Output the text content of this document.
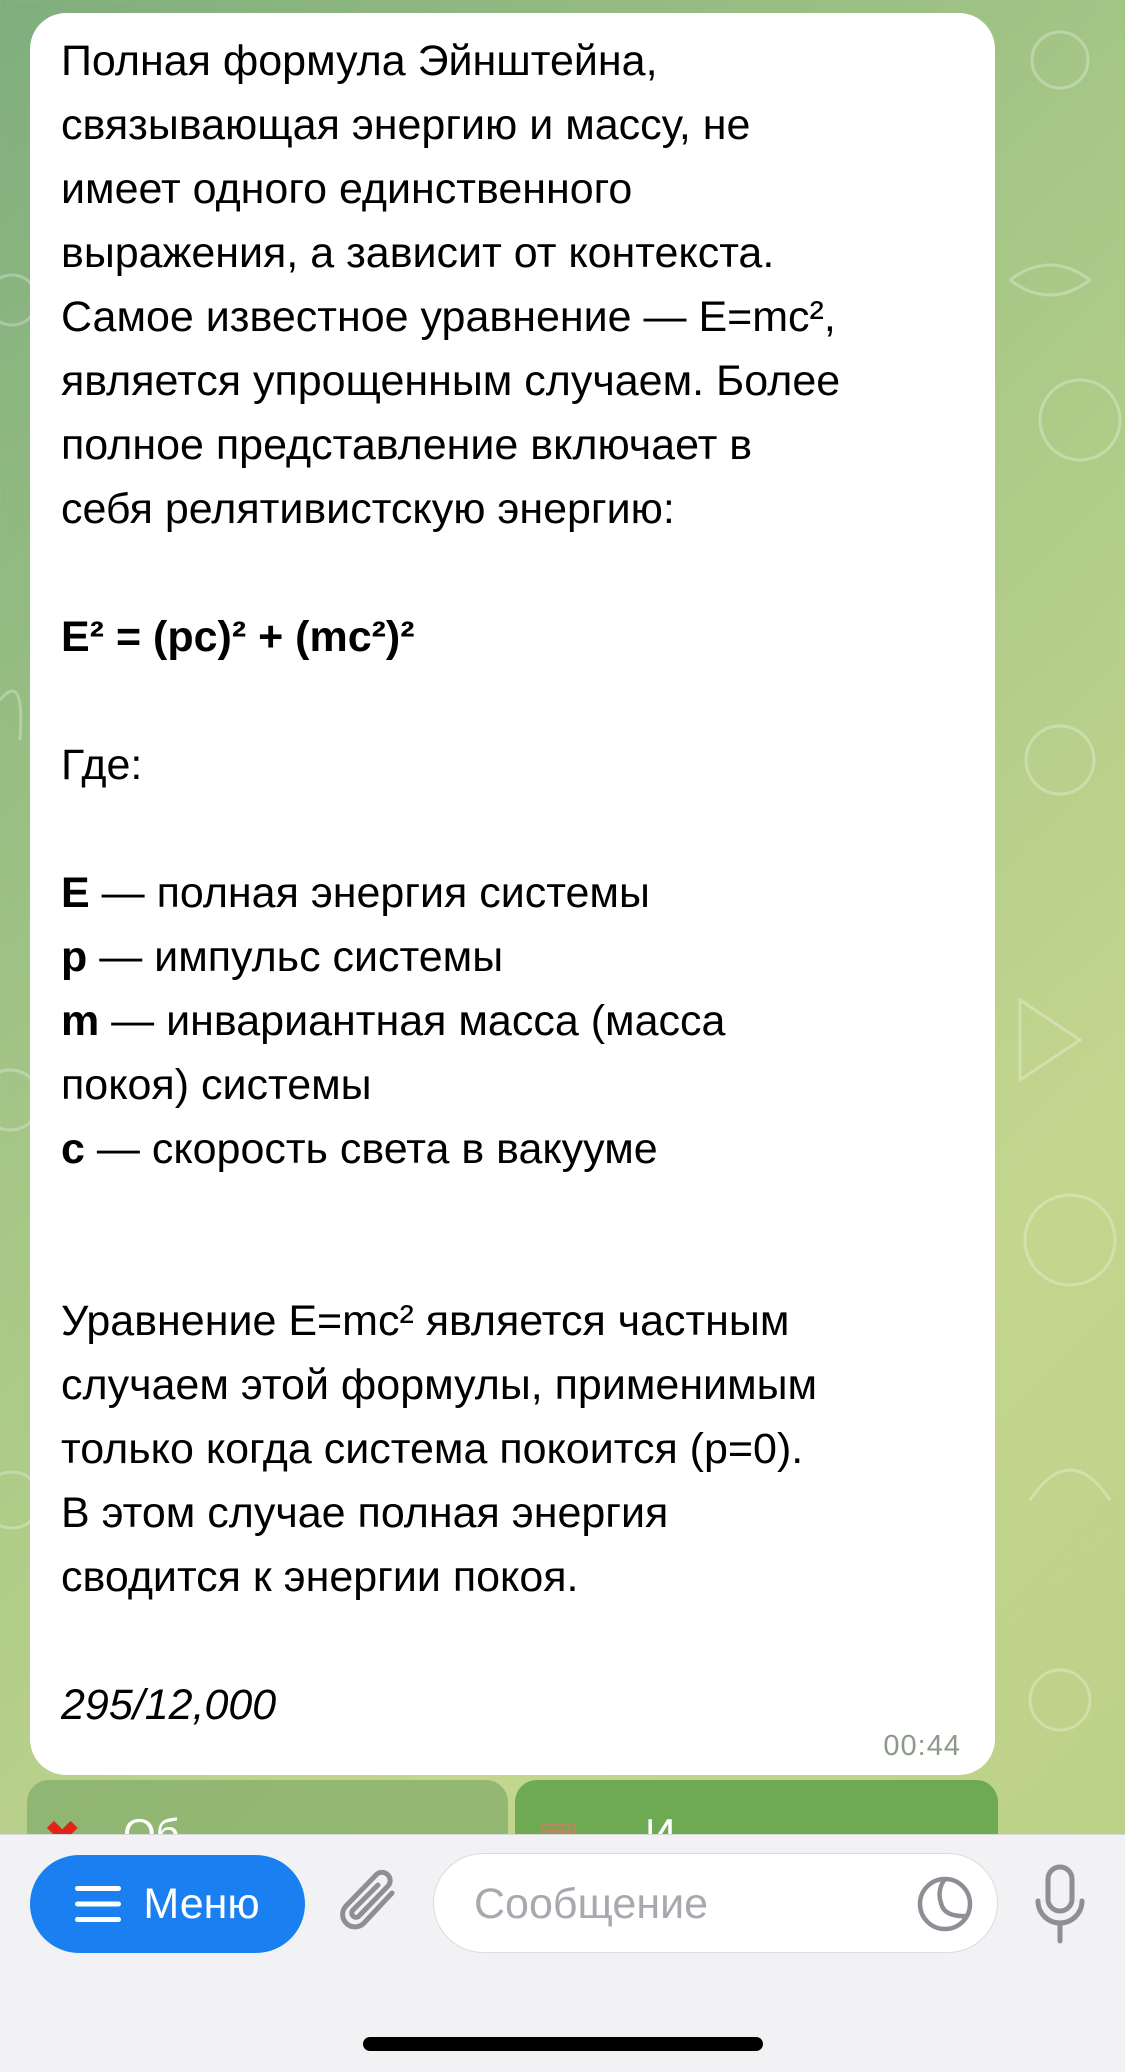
Полная формула Эйнштейна,

связывающая энергию и массу, не

имеет одного единственного

выражения, а зависит от контекста.

Самое известное уравнение — E=mc²,

является упрощенным случаем. Более

полное представление включает в

себя релятивистскую энергию:

E² = (pc)² + (mc²)²

Где:

E — полная энергия системы

p — импульс системы

m — инвариантная масса (масса

покоя) системы

c — скорость света в вакууме

Уравнение E=mc² является частным

случаем этой формулы, применимым

только когда система покоится (p=0).

В этом случае полная энергия

сводится к энергии покоя.

295/12,000

00:44
Меню	Сообщение
